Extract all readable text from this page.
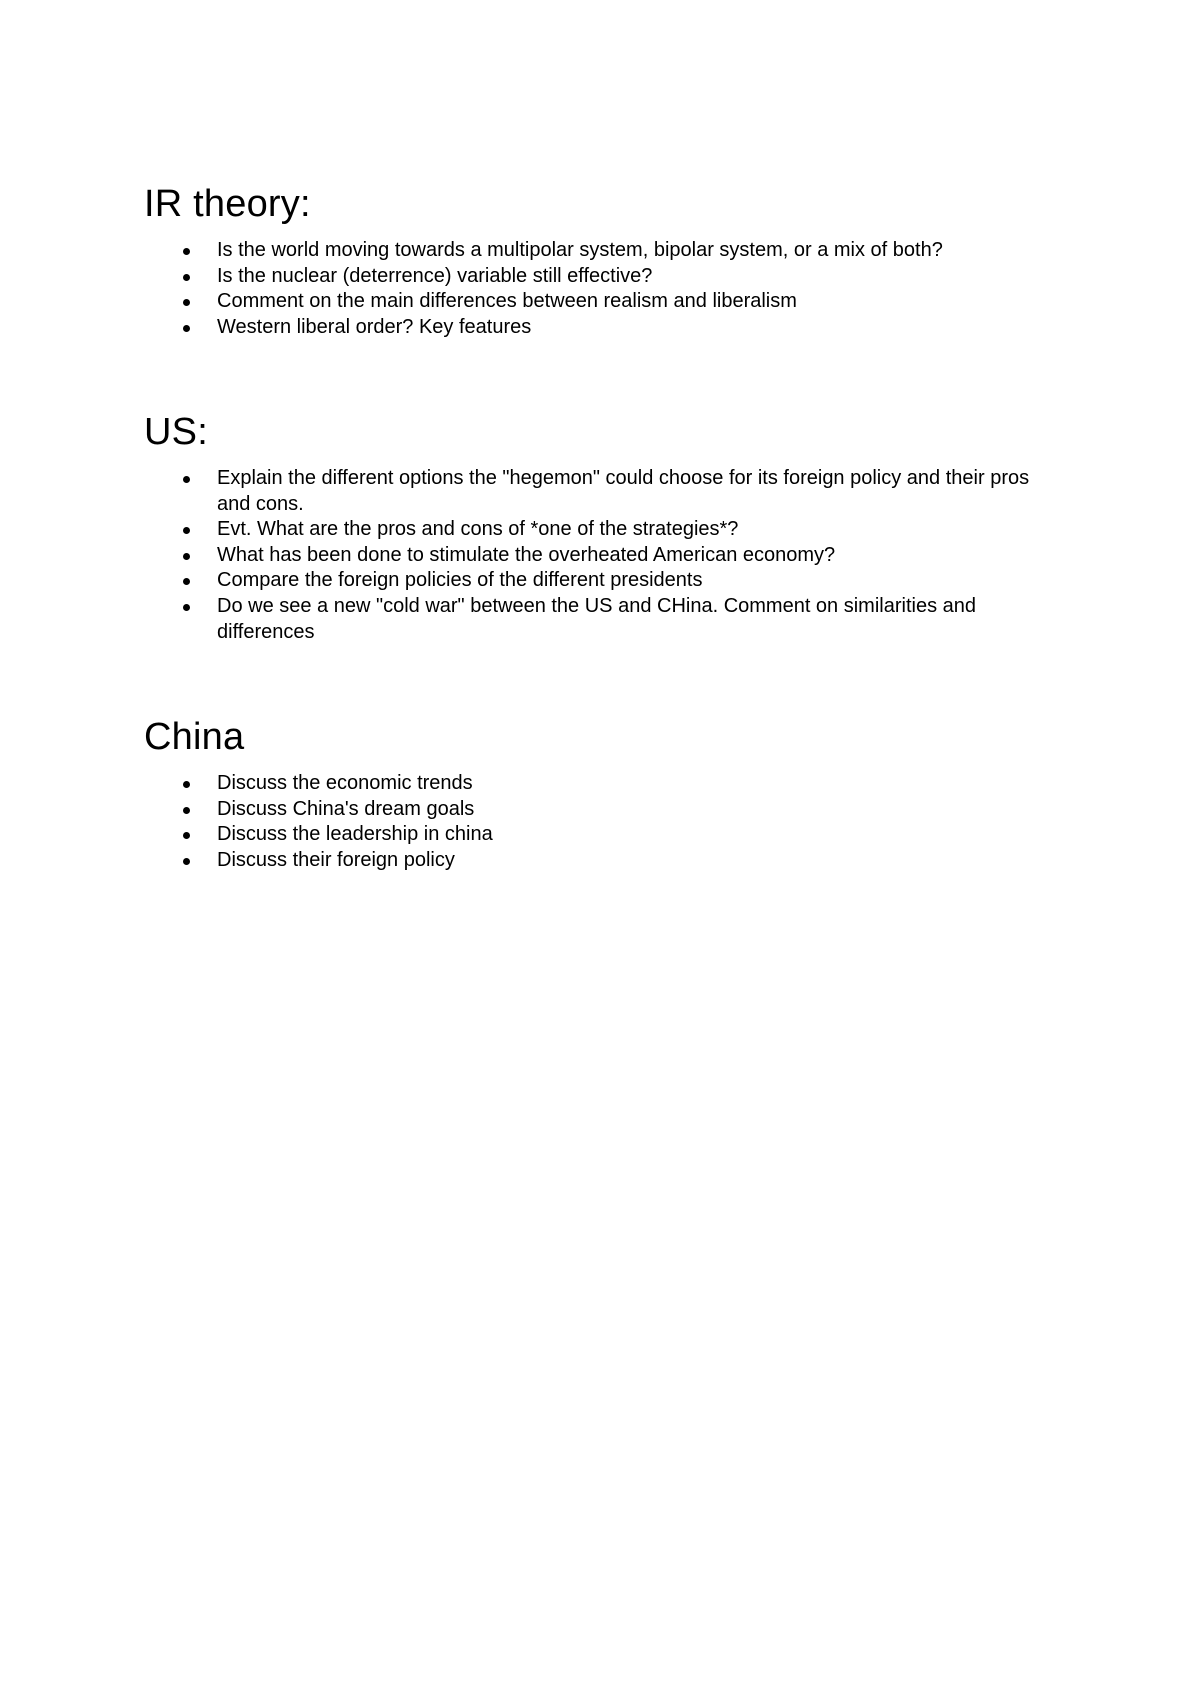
IR theory:
Is the world moving towards a multipolar system, bipolar system, or a mix of both?
Is the nuclear (deterrence) variable still effective?
Comment on the main differences between realism and liberalism
Western liberal order? Key features
US:
Explain the different options the "hegemon" could choose for its foreign policy and their pros and cons.
Evt. What are the pros and cons of *one of the strategies*?
What has been done to stimulate the overheated American economy?
Compare the foreign policies of the different presidents
Do we see a new "cold war" between the US and CHina. Comment on similarities and differences
China
Discuss the economic trends
Discuss China's dream goals
Discuss the leadership in china
Discuss their foreign policy
